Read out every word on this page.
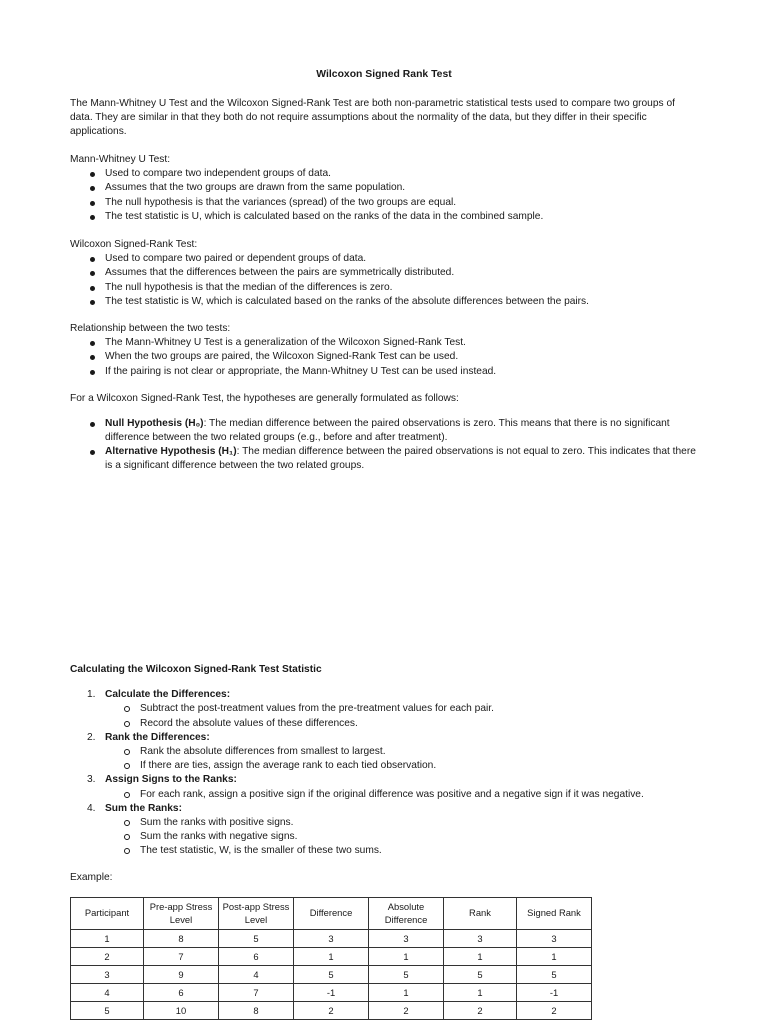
Wilcoxon Signed Rank Test

The Mann-Whitney U Test and the Wilcoxon Signed-Rank Test are both non-parametric statistical tests used to compare two groups of data. They are similar in that they both do not require assumptions about the normality of the data, but they differ in their specific applications.

Mann-Whitney U Test:

Used to compare two independent groups of data.
Assumes that the two groups are drawn from the same population.
The null hypothesis is that the variances (spread) of the two groups are equal.
The test statistic is U, which is calculated based on the ranks of the data in the combined sample.

Wilcoxon Signed-Rank Test:

Used to compare two paired or dependent groups of data.
Assumes that the differences between the pairs are symmetrically distributed.
The null hypothesis is that the median of the differences is zero.
The test statistic is W, which is calculated based on the ranks of the absolute differences between the pairs.

Relationship between the two tests:

The Mann-Whitney U Test is a generalization of the Wilcoxon Signed-Rank Test.
When the two groups are paired, the Wilcoxon Signed-Rank Test can be used.
If the pairing is not clear or appropriate, the Mann-Whitney U Test can be used instead.

For a Wilcoxon Signed-Rank Test, the hypotheses are generally formulated as follows:

Null Hypothesis (H₀): The median difference between the paired observations is zero. This means that there is no significant difference between the two related groups (e.g., before and after treatment).
Alternative Hypothesis (H₁): The median difference between the paired observations is not equal to zero. This indicates that there is a significant difference between the two related groups.

Calculating the Wilcoxon Signed-Rank Test Statistic

1. Calculate the Differences:
Subtract the post-treatment values from the pre-treatment values for each pair.
Record the absolute values of these differences.
2. Rank the Differences:
Rank the absolute differences from smallest to largest.
If there are ties, assign the average rank to each tied observation.
3. Assign Signs to the Ranks:
For each rank, assign a positive sign if the original difference was positive and a negative sign if it was negative.
4. Sum the Ranks:
Sum the ranks with positive signs.
Sum the ranks with negative signs.
The test statistic, W, is the smaller of these two sums.
Example:
Participant	Pre-app Stress Level	Post-app Stress Level	Difference	Absolute Difference	Rank	Signed Rank
1	8	5	3	3	3	3
2	7	6	1	1	1	1
3	9	4	5	5	5	5
4	6	7	-1	1	1	-1
5	10	8	2	2	2	2
